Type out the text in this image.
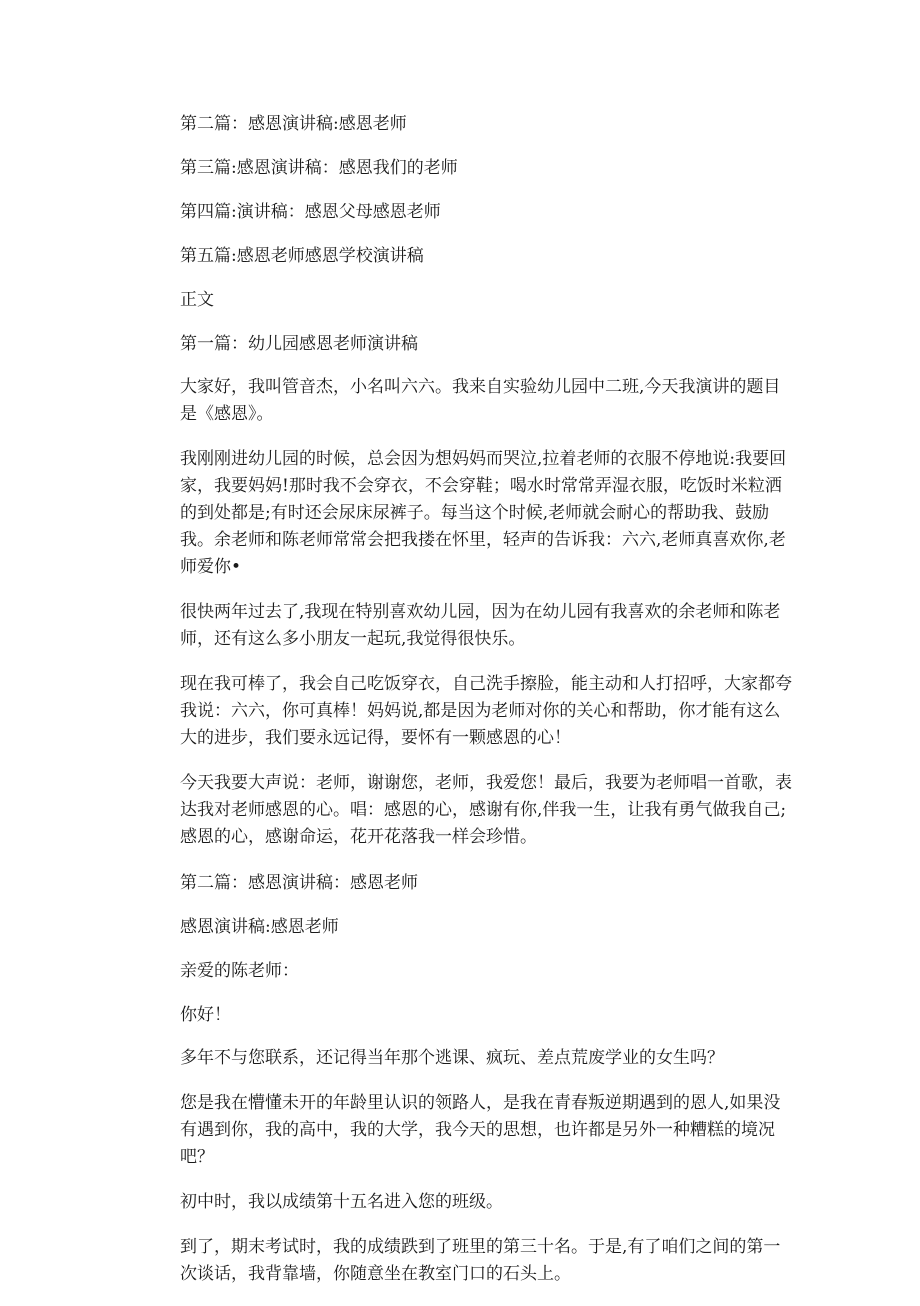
第二篇：感恩演讲稿:感恩老师
第三篇:感恩演讲稿：感恩我们的老师
第四篇:演讲稿：感恩父母感恩老师
第五篇:感恩老师感恩学校演讲稿
正文
第一篇：幼儿园感恩老师演讲稿

大家好，我叫管音杰，小名叫六六。我来自实验幼儿园中二班,今天我演讲的题目是《感恩》。

我刚刚进幼儿园的时候，总会因为想妈妈而哭泣,拉着老师的衣服不停地说:我要回家，我要妈妈!那时我不会穿衣，不会穿鞋；喝水时常常弄湿衣服，吃饭时米粒洒的到处都是;有时还会尿床尿裤子。每当这个时候,老师就会耐心的帮助我、鼓励我。余老师和陈老师常常会把我搂在怀里，轻声的告诉我：六六,老师真喜欢你,老师爱你•

很快两年过去了,我现在特别喜欢幼儿园，因为在幼儿园有我喜欢的余老师和陈老师，还有这么多小朋友一起玩,我觉得很快乐。

现在我可棒了，我会自己吃饭穿衣，自己洗手擦脸，能主动和人打招呼，大家都夸我说：六六，你可真棒！妈妈说,都是因为老师对你的关心和帮助，你才能有这么大的进步，我们要永远记得，要怀有一颗感恩的心！

今天我要大声说：老师，谢谢您，老师，我爱您！最后，我要为老师唱一首歌，表达我对老师感恩的心。唱：感恩的心，感谢有你,伴我一生，让我有勇气做我自己;感恩的心，感谢命运，花开花落我一样会珍惜。

第二篇：感恩演讲稿：感恩老师
感恩演讲稿:感恩老师
亲爱的陈老师：
你好！

多年不与您联系，还记得当年那个逃课、疯玩、差点荒废学业的女生吗？

您是我在懵懂未开的年龄里认识的领路人，是我在青春叛逆期遇到的恩人,如果没有遇到你，我的高中，我的大学，我今天的思想，也许都是另外一种糟糕的境况吧？

初中时，我以成绩第十五名进入您的班级。

到了，期末考试时，我的成绩跌到了班里的第三十名。于是,有了咱们之间的第一次谈话，我背靠墙，你随意坐在教室门口的石头上。
